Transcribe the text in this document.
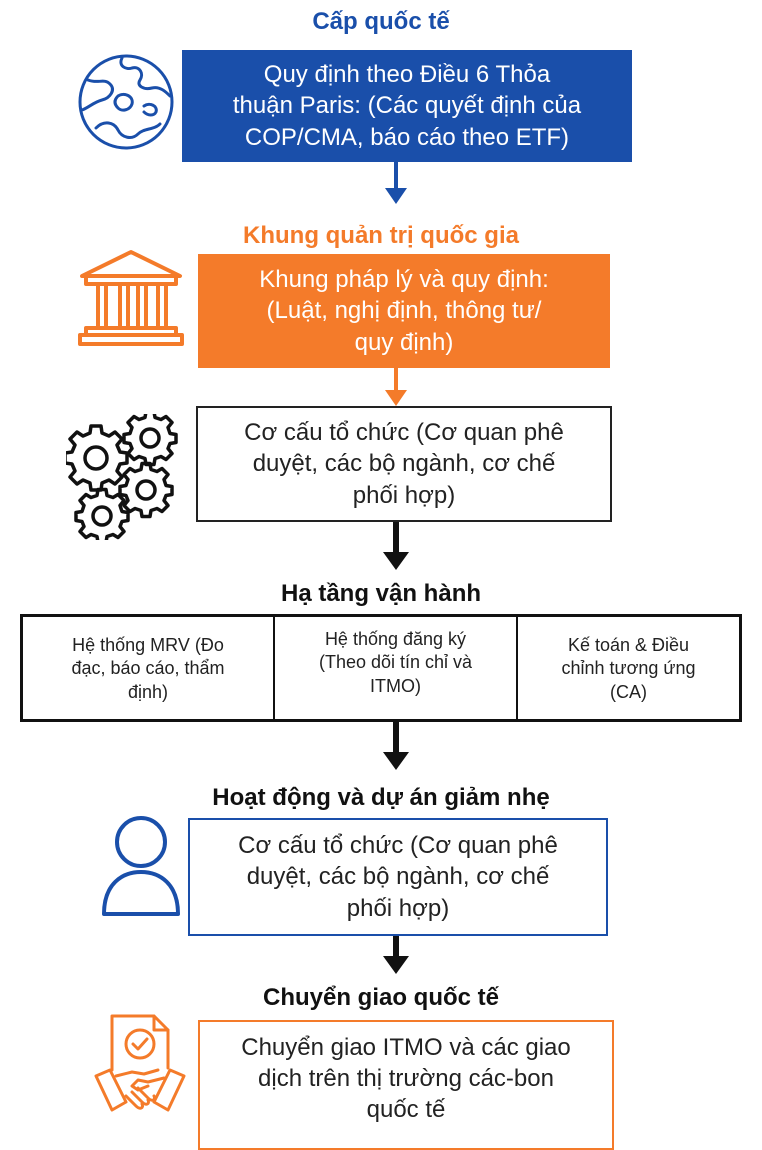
Cấp quốc tế
Quy định theo Điều 6 Thỏa
thuận Paris: (Các quyết định của
COP/CMA, báo cáo theo ETF)
Khung quản trị quốc gia
Khung pháp lý và quy định:
(Luật, nghị định, thông tư/
quy định)
Cơ cấu tổ chức (Cơ quan phê
duyệt, các bộ ngành, cơ chế
phối hợp)
Hạ tầng vận hành
Hệ thống MRV (Đo
đạc, báo cáo, thẩm
định)
Hệ thống đăng ký
(Theo dõi tín chỉ và
ITMO)
Kế toán & Điều
chỉnh tương ứng
(CA)
Hoạt động và dự án giảm nhẹ
Cơ cấu tổ chức (Cơ quan phê
duyệt, các bộ ngành, cơ chế
phối hợp)
Chuyển giao quốc tế
Chuyển giao ITMO và các giao
dịch trên thị trường các-bon
quốc tế
